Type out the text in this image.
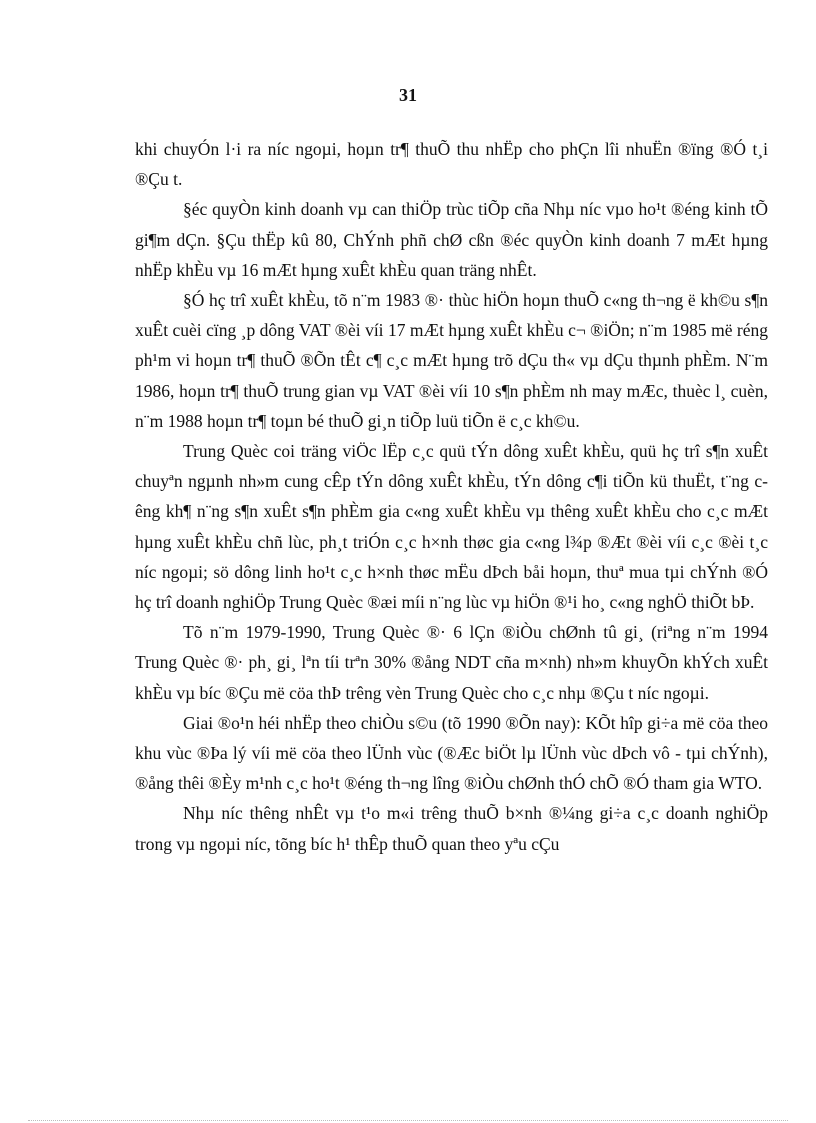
31

khi chuyÓn l·i ra níc ngoµi, hoµn tr¶ thuÕ thu nhËp cho phÇn lîi nhuËn ®ïng ®Ó t¸i ®Çu t.

§éc quyÒn kinh doanh vµ can thiÖp trùc tiÕp cña Nhµ níc vµo ho¹t ®éng kinh tÕ gi¶m dÇn. §Çu thËp kû 80, ChÝnh phñ chØ cßn ®éc quyÒn kinh doanh 7 mÆt hµng nhËp khÈu vµ 16 mÆt hµng xuÊt khÈu quan träng nhÊt.

§Ó hç trî xuÊt khÈu, tõ n¨m 1983 ®· thùc hiÖn hoµn thuÕ c«ng th¬ng ë kh©u s¶n xuÊt cuèi cïng ¸p dông VAT ®èi víi 17 mÆt hµng xuÊt khÈu c¬ ®iÖn; n¨m 1985 më réng ph¹m vi hoµn tr¶ thuÕ ®Õn tÊt c¶ c¸c mÆt hµng trõ dÇu th« vµ dÇu thµnh phÈm. N¨m 1986, hoµn tr¶ thuÕ trung gian vµ VAT ®èi víi 10 s¶n phÈm nh may mÆc, thuèc l¸ cuèn, n¨m 1988 hoµn tr¶ toµn bé thuÕ gi¸n tiÕp luü tiÕn ë c¸c kh©u.

Trung Quèc coi träng viÖc lËp c¸c quü tÝn dông xuÊt khÈu, quü hç trî s¶n xuÊt chuyªn ngµnh nh»m cung cÊp tÝn dông xuÊt khÈu, tÝn dông c¶i tiÕn kü thuËt, t¨ng cêng kh¶ n¨ng s¶n xuÊt s¶n phÈm gia c«ng xuÊt khÈu vµ thêng xuÊt khÈu cho c¸c mÆt hµng xuÊt khÈu chñ lùc, ph¸t triÓn c¸c h×nh thøc gia c«ng l¾p ®Æt ®èi víi c¸c ®èi t¸c níc ngoµi; sö dông linh ho¹t c¸c h×nh thøc mËu dÞch båi hoµn, thuª mua tµi chÝnh ®Ó hç trî doanh nghiÖp Trung Quèc ®æi míi n¨ng lùc vµ hiÖn ®¹i ho¸ c«ng nghÖ thiÕt bÞ.

Tõ n¨m 1979-1990, Trung Quèc ®· 6 lÇn ®iÒu chØnh tû gi¸ (riªng n¨m 1994 Trung Quèc ®· ph¸ gi¸ lªn tíi trªn 30% ®ång NDT cña m×nh) nh»m khuyÕn khÝch xuÊt khÈu vµ bíc ®Çu më cöa thÞ trêng vèn Trung Quèc cho c¸c nhµ ®Çu t níc ngoµi.

Giai ®o¹n héi nhËp theo chiÒu s©u (tõ 1990 ®Õn nay): KÕt hîp gi÷a më cöa theo khu vùc ®Þa lý víi më cöa theo lÜnh vùc (®Æc biÖt lµ lÜnh vùc dÞch vô - tµi chÝnh), ®ång thêi ®Èy m¹nh c¸c ho¹t ®éng th¬ng lîng ®iÒu chØnh thÓ chÕ ®Ó tham gia WTO.

Nhµ níc thêng nhÊt vµ t¹o m«i trêng thuÕ b×nh ®¼ng gi÷a c¸c doanh nghiÖp trong vµ ngoµi níc, tõng bíc h¹ thÊp thuÕ quan theo yªu cÇu
